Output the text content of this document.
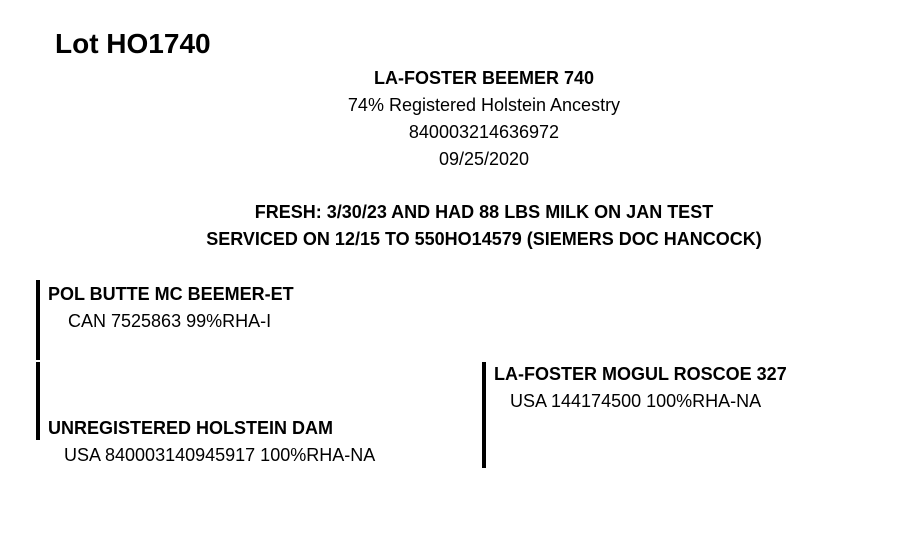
Lot HO1740
LA-FOSTER BEEMER 740
74% Registered Holstein Ancestry
840003214636972
09/25/2020
FRESH: 3/30/23 AND HAD 88 LBS MILK ON JAN TEST
SERVICED ON 12/15 TO 550HO14579 (SIEMERS DOC HANCOCK)
POL BUTTE MC BEEMER-ET
CAN 7525863 99%RHA-I
LA-FOSTER MOGUL ROSCOE 327
USA 144174500 100%RHA-NA
UNREGISTERED HOLSTEIN DAM
USA 840003140945917 100%RHA-NA
